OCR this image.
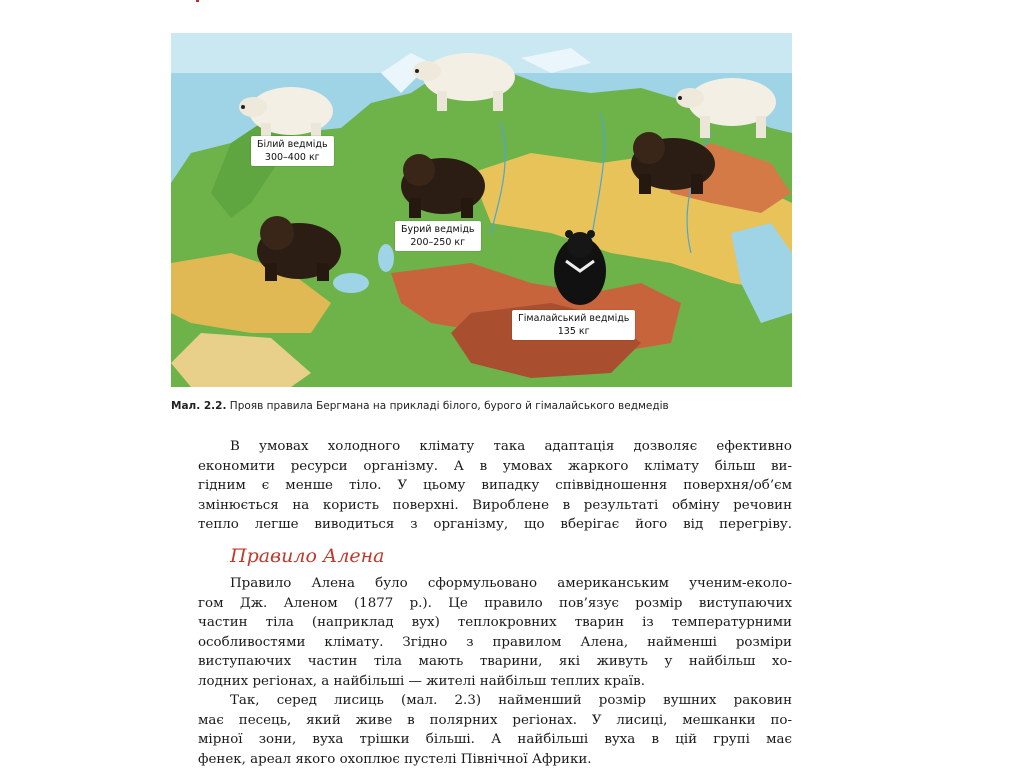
Білий ведмідь
300–400 кг
Бурий ведмідь
200–250 кг
Гімалайський ведмідь
135 кг
Мал. 2.2. Прояв правила Бергмана на прикладі білого, бурого й гімалайського ведмедів
В умовах холодного клімату така адаптація дозволяє ефективно
економити ресурси організму. А в умовах жаркого клімату більш ви-
гідним є менше тіло. У цьому випадку співвідношення поверхня/об’єм
змінюється на користь поверхні. Вироблене в результаті обміну речовин
тепло легше виводиться з організму, що вберігає його від перегріву.
Правило Алена
Правило Алена було сформульовано американським ученим-еколо-
гом Дж. Аленом (1877 р.). Це правило пов’язує розмір виступаючих
частин тіла (наприклад вух) теплокровних тварин із температурними
особливостями клімату. Згідно з правилом Алена, найменші розміри
виступаючих частин тіла мають тварини, які живуть у найбільш хо-
лодних регіонах, а найбільші — жителі найбільш теплих країв.
Так, серед лисиць (мал. 2.3) найменший розмір вушних раковин
має песець, який живе в полярних регіонах. У лисиці, мешканки по-
мірної зони, вуха трішки більші. А найбільші вуха в цій групі має
фенек, ареал якого охоплює пустелі Північної Африки.
